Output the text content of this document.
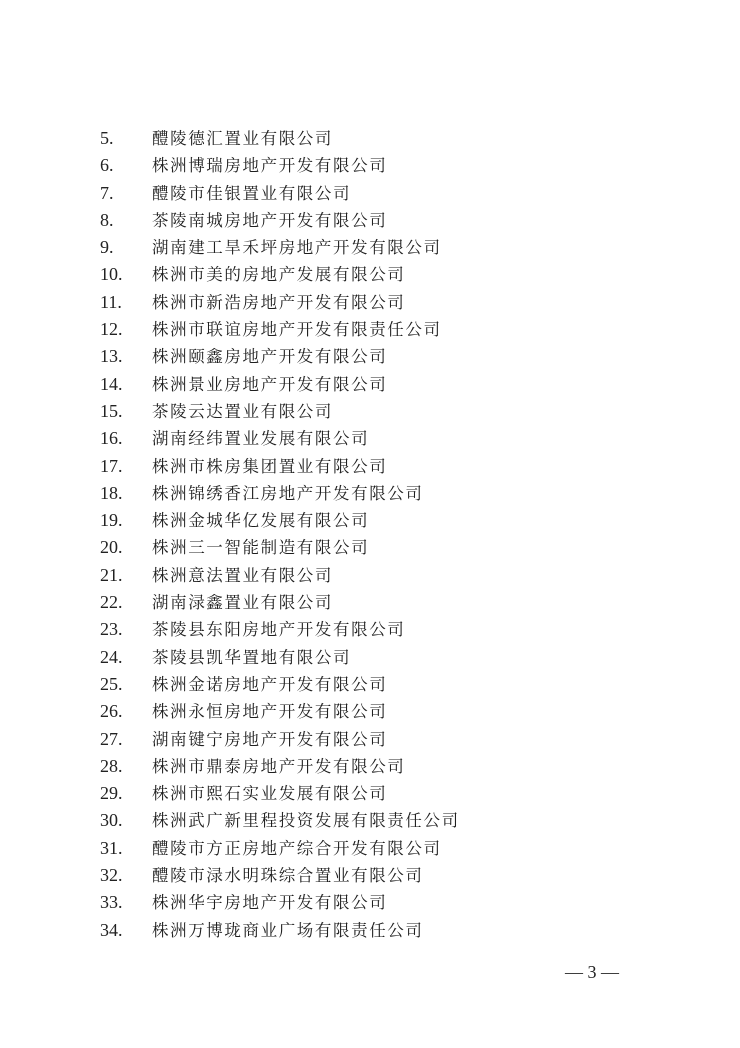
5.	醴陵德汇置业有限公司
6.	株洲博瑞房地产开发有限公司
7.	醴陵市佳银置业有限公司
8.	茶陵南城房地产开发有限公司
9.	湖南建工旱禾坪房地产开发有限公司
10.	株洲市美的房地产发展有限公司
11.	株洲市新浩房地产开发有限公司
12.	株洲市联谊房地产开发有限责任公司
13.	株洲颐鑫房地产开发有限公司
14.	株洲景业房地产开发有限公司
15.	茶陵云达置业有限公司
16.	湖南经纬置业发展有限公司
17.	株洲市株房集团置业有限公司
18.	株洲锦绣香江房地产开发有限公司
19.	株洲金城华亿发展有限公司
20.	株洲三一智能制造有限公司
21.	株洲意法置业有限公司
22.	湖南渌鑫置业有限公司
23.	茶陵县东阳房地产开发有限公司
24.	茶陵县凯华置地有限公司
25.	株洲金诺房地产开发有限公司
26.	株洲永恒房地产开发有限公司
27.	湖南键宁房地产开发有限公司
28.	株洲市鼎泰房地产开发有限公司
29.	株洲市熙石实业发展有限公司
30.	株洲武广新里程投资发展有限责任公司
31.	醴陵市方正房地产综合开发有限公司
32.	醴陵市渌水明珠综合置业有限公司
33.	株洲华宇房地产开发有限公司
34.	株洲万博珑商业广场有限责任公司
— 3 —
